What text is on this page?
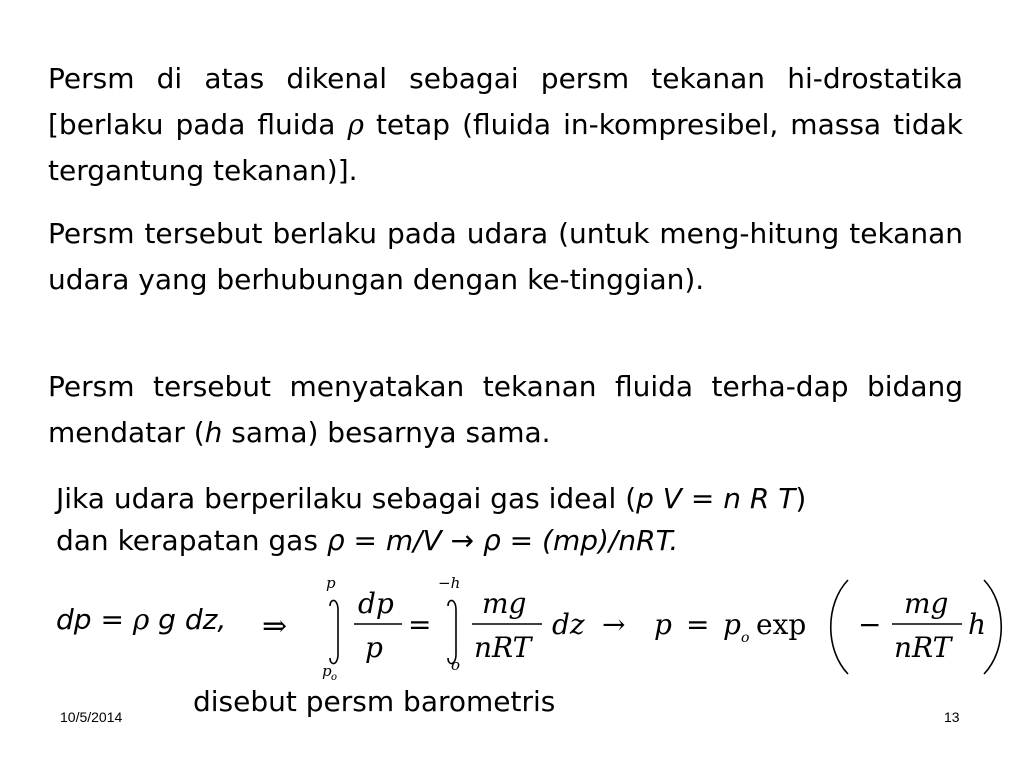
Persm di atas dikenal sebagai persm tekanan hi-drostatika [berlaku pada fluida ρ tetap (fluida in-kompresibel, massa tidak tergantung tekanan)].

Persm tersebut berlaku pada udara (untuk meng-hitung tekanan udara yang berhubungan dengan ke-tinggian).

Persm tersebut menyatakan tekanan fluida terha-dap bidang mendatar (h sama) besarnya sama.

Jika udara berperilaku sebagai gas ideal (p V = n R T)

dan kerapatan gas ρ = m/V → ρ = (mp)/nRT.

dp = ρ g dz, ⇒
p
p o
dp
p
=
−h
o
mg
nRT
dz → p = p o exp −
mg
nRT
h
disebut persm barometris
10/5/2014	13
